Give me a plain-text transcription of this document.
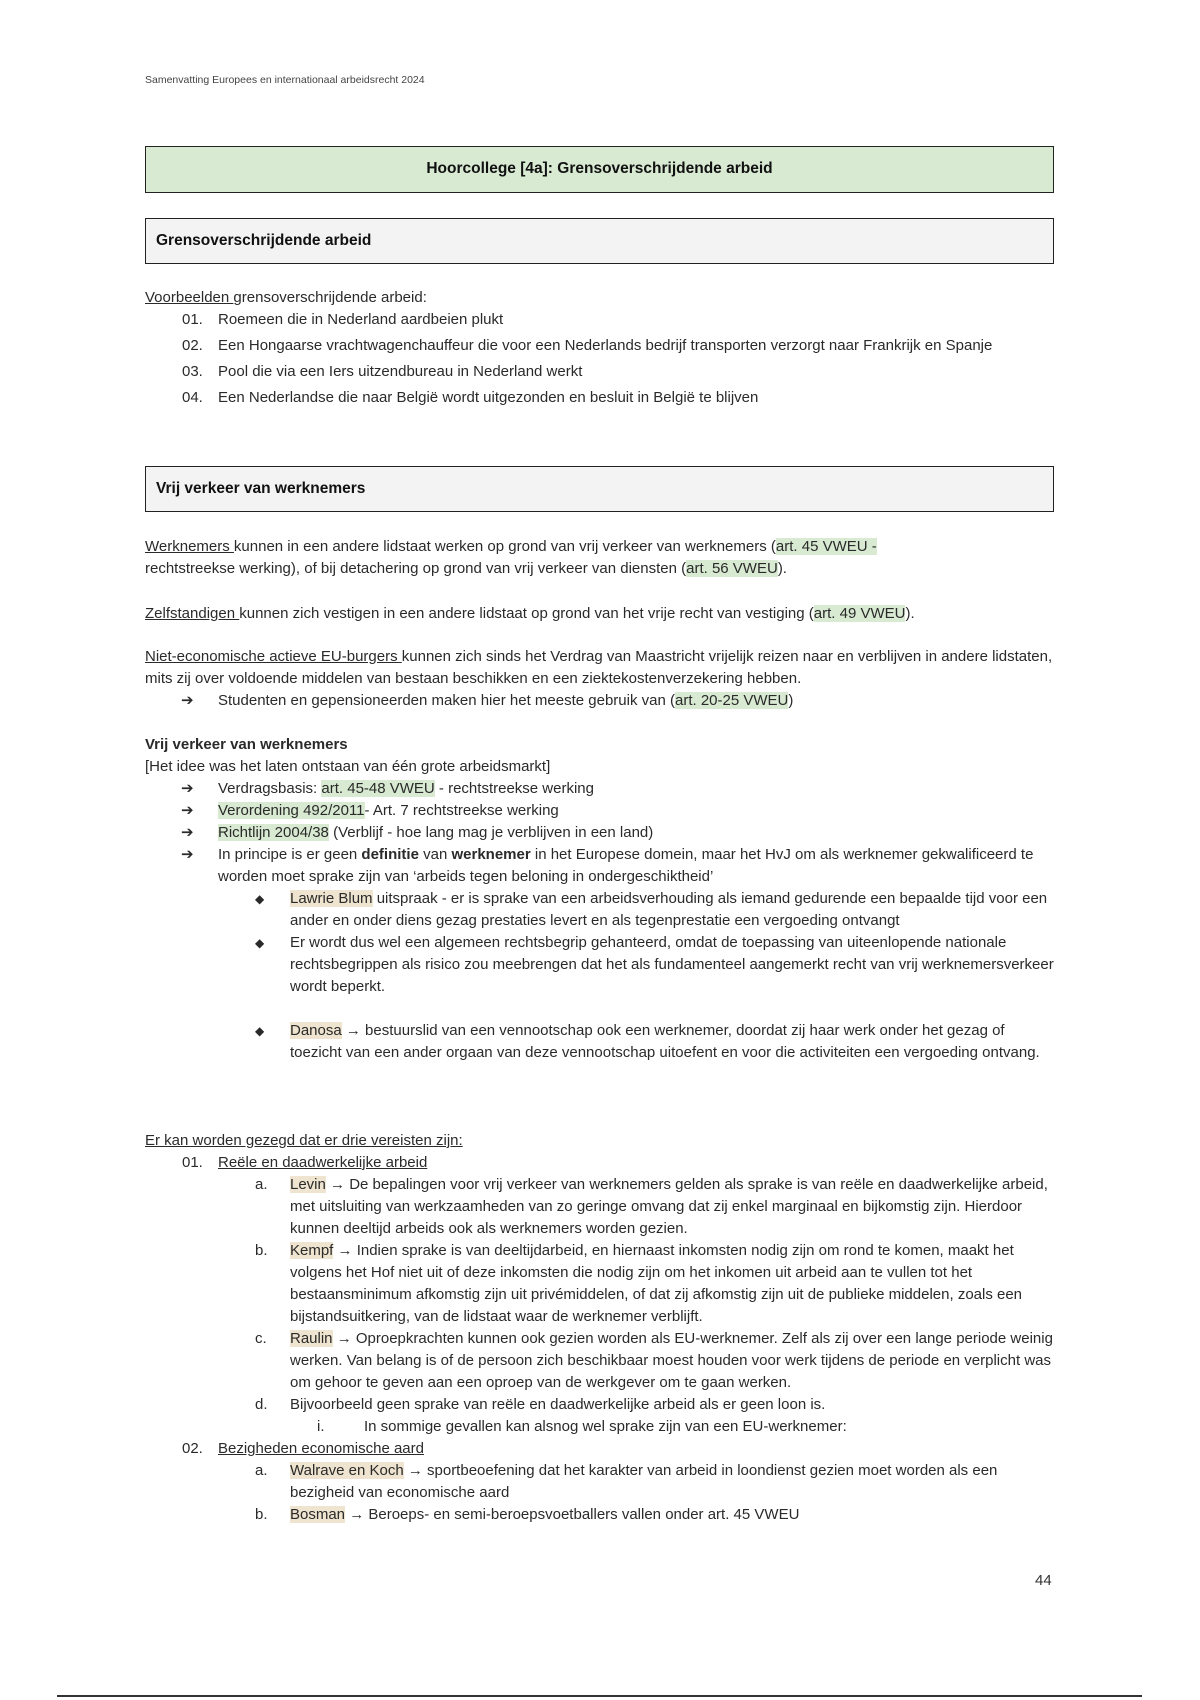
Samenvatting Europees en internationaal arbeidsrecht 2024
Hoorcollege [4a]: Grensoverschrijdende arbeid
Grensoverschrijdende arbeid
Voorbeelden grensoverschrijdende arbeid:
01.	Roemeen die in Nederland aardbeien plukt
02.	Een Hongaarse vrachtwagenchauffeur die voor een Nederlands bedrijf transporten verzorgt naar Frankrijk en Spanje
03.	Pool die via een Iers uitzendbureau in Nederland werkt
04.	Een Nederlandse die naar België wordt uitgezonden en besluit in België te blijven
Vrij verkeer van werknemers
Werknemers kunnen in een andere lidstaat werken op grond van vrij verkeer van werknemers (art. 45 VWEU -
rechtstreekse werking), of bij detachering op grond van vrij verkeer van diensten (art. 56 VWEU).
Zelfstandigen kunnen zich vestigen in een andere lidstaat op grond van het vrije recht van vestiging (art. 49 VWEU).
Niet-economische actieve EU-burgers kunnen zich sinds het Verdrag van Maastricht vrijelijk reizen naar en verblijven in andere lidstaten, mits zij over voldoende middelen van bestaan beschikken en een ziektekostenverzekering hebben.
➔	Studenten en gepensioneerden maken hier het meeste gebruik van (art. 20-25 VWEU)
Vrij verkeer van werknemers
[Het idee was het laten ontstaan van één grote arbeidsmarkt]
➔	Verdragsbasis: art. 45-48 VWEU - rechtstreekse werking
➔	Verordening 492/2011- Art. 7 rechtstreekse werking
➔	Richtlijn 2004/38 (Verblijf - hoe lang mag je verblijven in een land)
➔	In principe is er geen definitie van werknemer in het Europese domein, maar het HvJ om als werknemer gekwalificeerd te worden moet sprake zijn van ‘arbeids tegen beloning in ondergeschiktheid’
◆	Lawrie Blum uitspraak - er is sprake van een arbeidsverhouding als iemand gedurende een bepaalde tijd voor een ander en onder diens gezag prestaties levert en als tegenprestatie een vergoeding ontvangt
◆	Er wordt dus wel een algemeen rechtsbegrip gehanteerd, omdat de toepassing van uiteenlopende nationale rechtsbegrippen als risico zou meebrengen dat het als fundamenteel aangemerkt recht van vrij werknemersverkeer wordt beperkt.
◆	Danosa → bestuurslid van een vennootschap ook een werknemer, doordat zij haar werk onder het gezag of toezicht van een ander orgaan van deze vennootschap uitoefent en voor die activiteiten een vergoeding ontvang.
Er kan worden gezegd dat er drie vereisten zijn:
01.	Reële en daadwerkelijke arbeid
a.	Levin → De bepalingen voor vrij verkeer van werknemers gelden als sprake is van reële en daadwerkelijke arbeid, met uitsluiting van werkzaamheden van zo geringe omvang dat zij enkel marginaal en bijkomstig zijn. Hierdoor kunnen deeltijd arbeids ook als werknemers worden gezien.
b.	Kempf → Indien sprake is van deeltijdarbeid, en hiernaast inkomsten nodig zijn om rond te komen, maakt het volgens het Hof niet uit of deze inkomsten die nodig zijn om het inkomen uit arbeid aan te vullen tot het bestaansminimum afkomstig zijn uit privémiddelen, of dat zij afkomstig zijn uit de publieke middelen, zoals een bijstandsuitkering, van de lidstaat waar de werknemer verblijft.
c.	Raulin → Oproepkrachten kunnen ook gezien worden als EU-werknemer. Zelf als zij over een lange periode weinig werken. Van belang is of de persoon zich beschikbaar moest houden voor werk tijdens de periode en verplicht was om gehoor te geven aan een oproep van de werkgever om te gaan werken.
d.	Bijvoorbeeld geen sprake van reële en daadwerkelijke arbeid als er geen loon is.
i.	In sommige gevallen kan alsnog wel sprake zijn van een EU-werknemer:
02.	Bezigheden economische aard
a.	Walrave en Koch → sportbeoefening dat het karakter van arbeid in loondienst gezien moet worden als een bezigheid van economische aard
b.	Bosman → Beroeps- en semi-beroepsvoetballers vallen onder art. 45 VWEU
44
